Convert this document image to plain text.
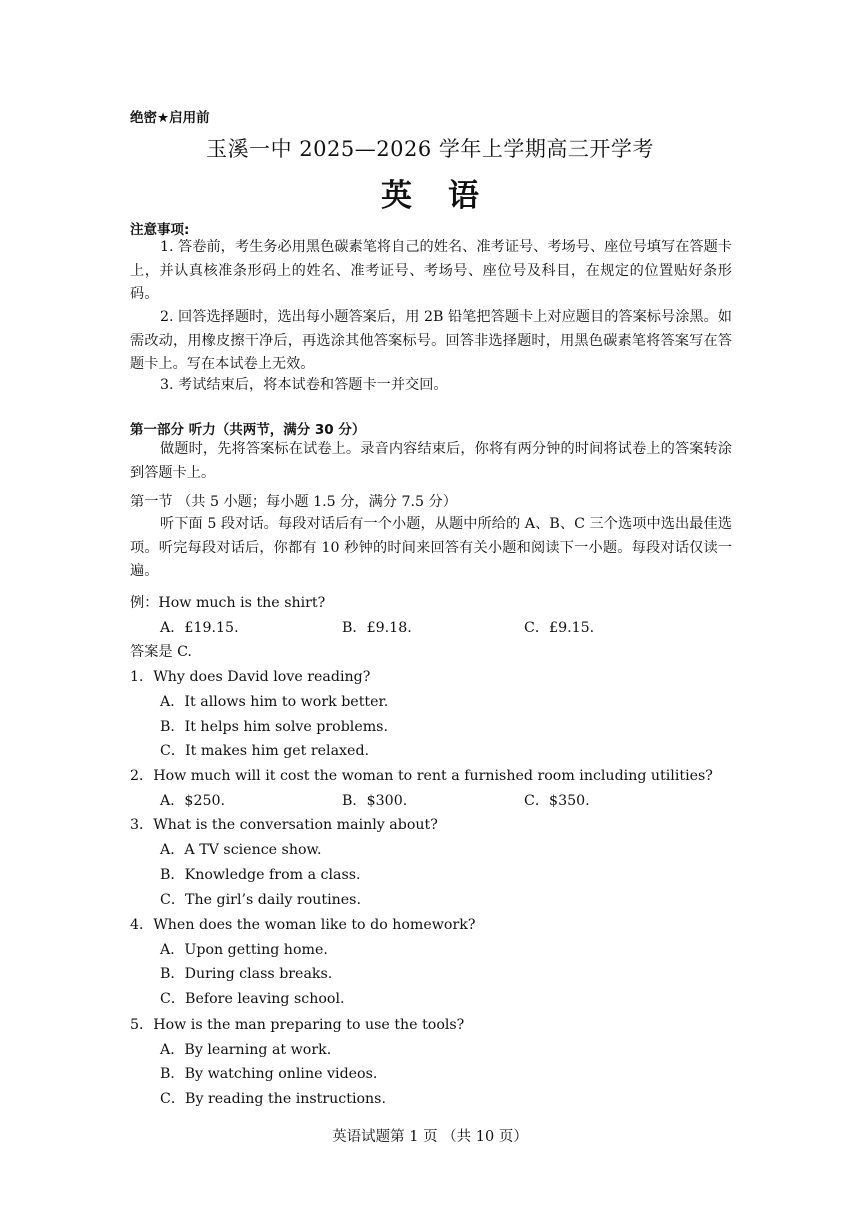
绝密★启用前
玉溪一中 2025—2026 学年上学期高三开学考
英语
注意事项:
1. 答卷前，考生务必用黑色碳素笔将自己的姓名、准考证号、考场号、座位号填写在答题卡上，并认真核准条形码上的姓名、准考证号、考场号、座位号及科目，在规定的位置贴好条形码。
2. 回答选择题时，选出每小题答案后，用 2B 铅笔把答题卡上对应题目的答案标号涂黑。如需改动，用橡皮擦干净后，再选涂其他答案标号。回答非选择题时，用黑色碳素笔将答案写在答题卡上。写在本试卷上无效。
3. 考试结束后，将本试卷和答题卡一并交回。
第一部分 听力（共两节，满分 30 分）
做题时，先将答案标在试卷上。录音内容结束后，你将有两分钟的时间将试卷上的答案转涂到答题卡上。
第一节 （共 5 小题；每小题 1.5 分，满分 7.5 分）
听下面 5 段对话。每段对话后有一个小题，从题中所给的 A、B、C 三个选项中选出最佳选项。听完每段对话后，你都有 10 秒钟的时间来回答有关小题和阅读下一小题。每段对话仅读一遍。
例：How much is the shirt?
A．£19.15.	B．£9.18.	C．£9.15.
答案是 C.
1．Why does David love reading?
A．It allows him to work better.
B．It helps him solve problems.
C．It makes him get relaxed.
2．How much will it cost the woman to rent a furnished room including utilities?
A．$250.	B．$300.	C．$350.
3．What is the conversation mainly about?
A．A TV science show.
B．Knowledge from a class.
C．The girl’s daily routines.
4．When does the woman like to do homework?
A．Upon getting home.
B．During class breaks.
C．Before leaving school.
5．How is the man preparing to use the tools?
A．By learning at work.
B．By watching online videos.
C．By reading the instructions.
英语试题第 1 页 （共 10 页）
